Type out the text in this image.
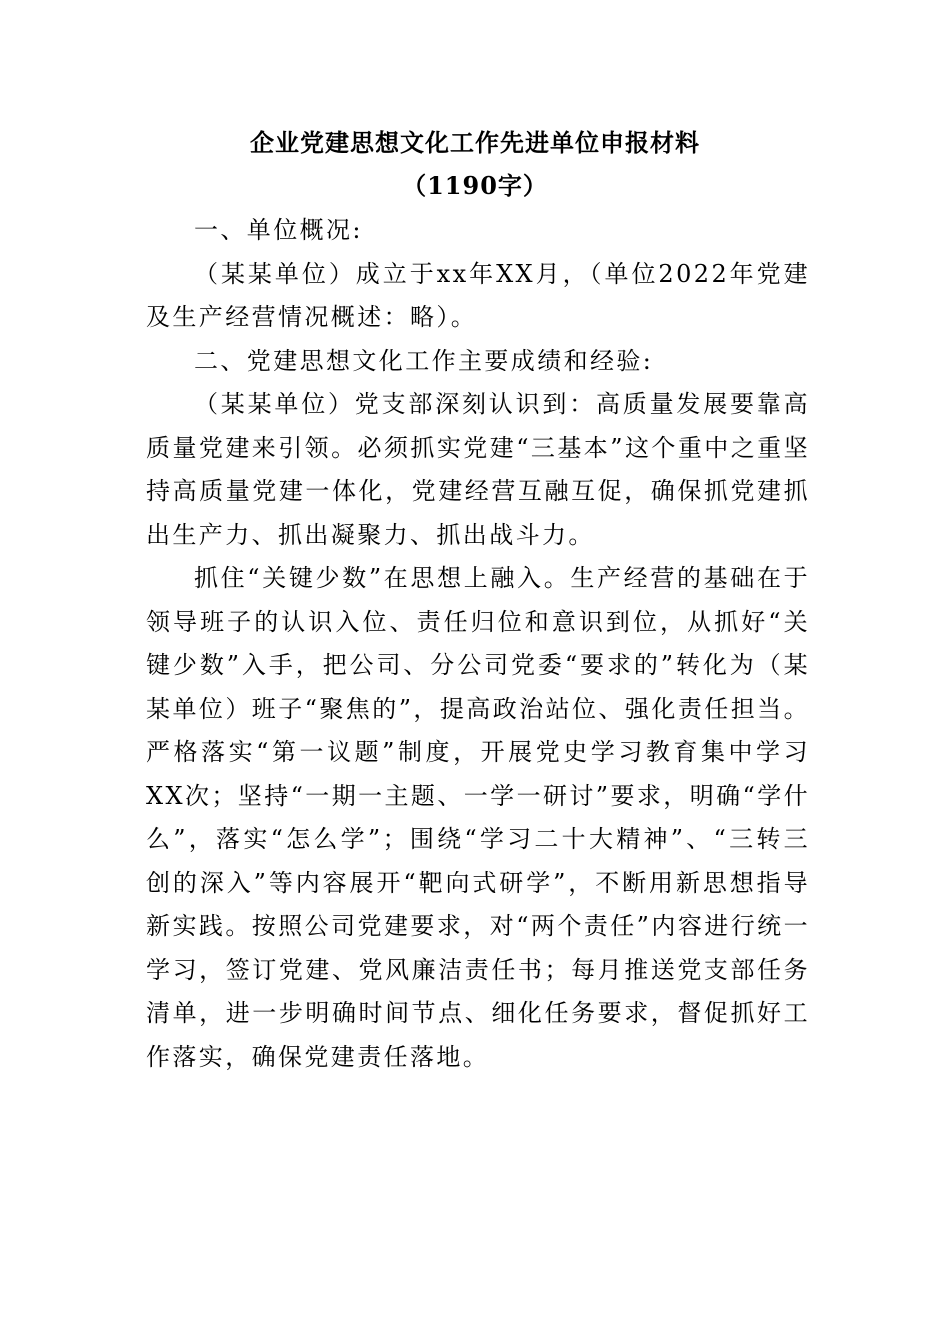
企业党建思想文化工作先进单位申报材料
（1190字）

一、单位概况:

（某某单位）成立于xx年XX月，（单位2022年党建及生产经营情况概述：略）。

二、党建思想文化工作主要成绩和经验:

（某某单位）党支部深刻认识到：高质量发展要靠高质量党建来引领。必须抓实党建“三基本”这个重中之重坚持高质量党建一体化，党建经营互融互促，确保抓党建抓出生产力、抓出凝聚力、抓出战斗力。

抓住“关键少数”在思想上融入。生产经营的基础在于领导班子的认识入位、责任归位和意识到位，从抓好“关键少数”入手，把公司、分公司党委“要求的”转化为（某某单位）班子“聚焦的”，提高政治站位、强化责任担当。严格落实“第一议题”制度，开展党史学习教育集中学习XX次；坚持“一期一主题、一学一研讨”要求，明确“学什么”，落实“怎么学”；围绕“学习二十大精神”、“三转三创的深入”等内容展开“靶向式研学”，不断用新思想指导新实践。按照公司党建要求，对“两个责任”内容进行统一学习，签订党建、党风廉洁责任书；每月推送党支部任务清单，进一步明确时间节点、细化任务要求，督促抓好工作落实，确保党建责任落地。
